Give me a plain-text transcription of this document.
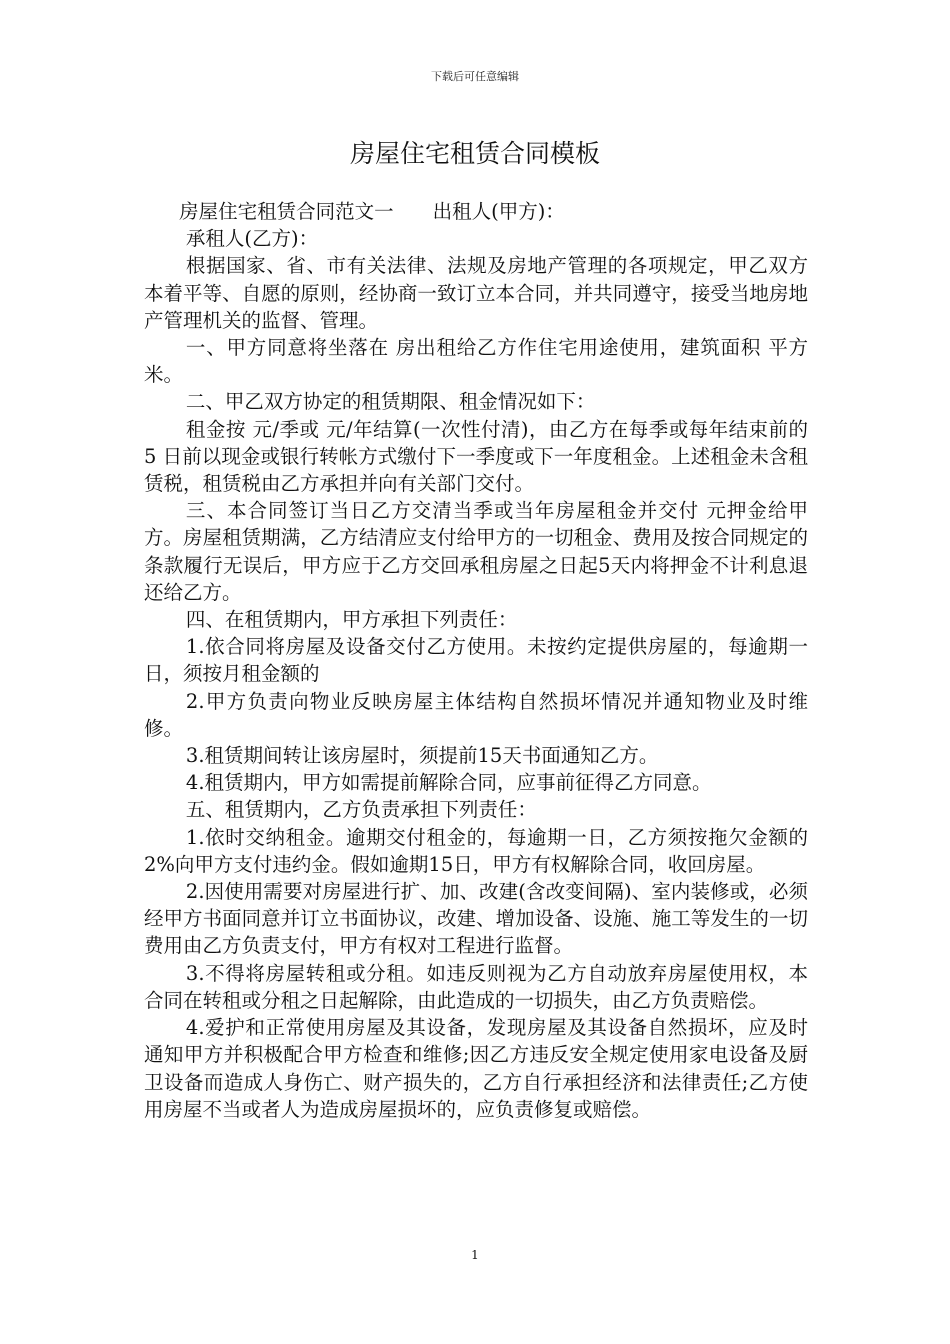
下载后可任意编辑
房屋住宅租赁合同模板

房屋住宅租赁合同范文一　　出租人(甲方)：

承租人(乙方)：

根据国家、省、市有关法律、法规及房地产管理的各项规定，甲乙双方本着平等、自愿的原则，经协商一致订立本合同，并共同遵守，接受当地房地产管理机关的监督、管理。

一、甲方同意将坐落在 房出租给乙方作住宅用途使用，建筑面积 平方米。

二、甲乙双方协定的租赁期限、租金情况如下：

租金按 元/季或 元/年结算(一次性付清)，由乙方在每季或每年结束前的 5 日前以现金或银行转帐方式缴付下一季度或下一年度租金。上述租金未含租赁税，租赁税由乙方承担并向有关部门交付。

三、本合同签订当日乙方交清当季或当年房屋租金并交付 元押金给甲方。房屋租赁期满，乙方结清应支付给甲方的一切租金、费用及按合同规定的条款履行无误后，甲方应于乙方交回承租房屋之日起5天内将押金不计利息退还给乙方。

四、在租赁期内，甲方承担下列责任：

1.依合同将房屋及设备交付乙方使用。未按约定提供房屋的，每逾期一日，须按月租金额的

2.甲方负责向物业反映房屋主体结构自然损坏情况并通知物业及时维修。

3.租赁期间转让该房屋时，须提前15天书面通知乙方。

4.租赁期内，甲方如需提前解除合同，应事前征得乙方同意。

五、租赁期内，乙方负责承担下列责任：

1.依时交纳租金。逾期交付租金的，每逾期一日，乙方须按拖欠金额的2%向甲方支付违约金。假如逾期15日，甲方有权解除合同，收回房屋。

2.因使用需要对房屋进行扩、加、改建(含改变间隔)、室内装修或，必须经甲方书面同意并订立书面协议，改建、增加设备、设施、施工等发生的一切费用由乙方负责支付，甲方有权对工程进行监督。

3.不得将房屋转租或分租。如违反则视为乙方自动放弃房屋使用权，本合同在转租或分租之日起解除，由此造成的一切损失，由乙方负责赔偿。

4.爱护和正常使用房屋及其设备，发现房屋及其设备自然损坏，应及时通知甲方并积极配合甲方检查和维修;因乙方违反安全规定使用家电设备及厨卫设备而造成人身伤亡、财产损失的，乙方自行承担经济和法律责任;乙方使用房屋不当或者人为造成房屋损坏的，应负责修复或赔偿。

1
